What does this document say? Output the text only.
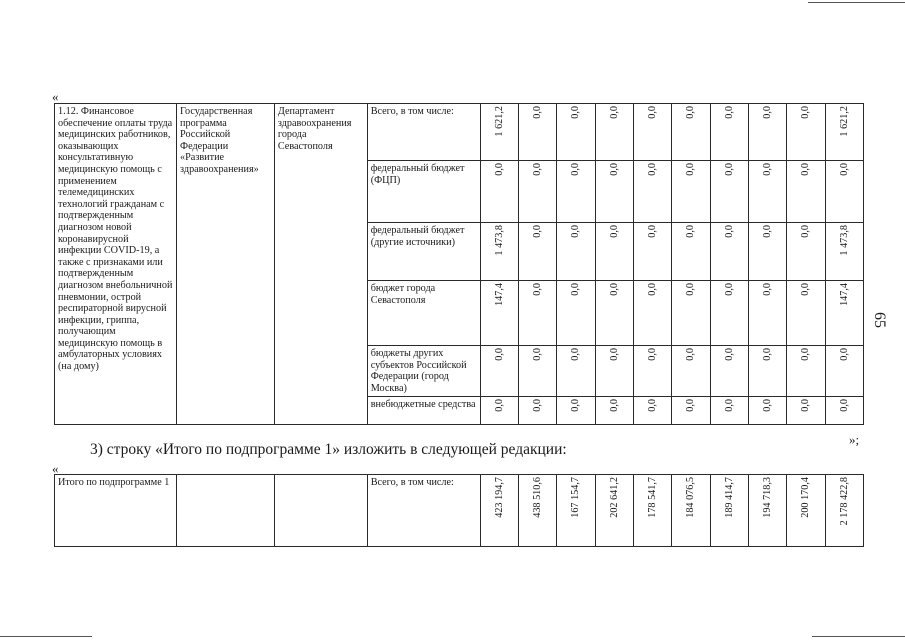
«
1.12. Финансовое обеспечение оплаты труда медицинских работников, оказывающих консультативную медицинскую помощь с применением телемедицинских технологий гражданам с подтвержденным диагнозом новой коронавирусной инфекции COVID-19, а также с признаками или подтвержденным диагнозом внебольничной пневмонии, острой респираторной вирусной инфекции, гриппа, получающим медицинскую помощь в амбулаторных условиях (на дому)	Государственная программа Российской Федерации «Развитие здравоохранения»	Департамент здравоохранения города Севастополя	Всего, в том числе:	1 621,2	0,0	0,0	0,0	0,0	0,0	0,0	0,0	0,0	1 621,2
			федеральный бюджет (ФЦП)	0,0	0,0	0,0	0,0	0,0	0,0	0,0	0,0	0,0	0,0
			федеральный бюджет (другие источники)	1 473,8	0,0	0,0	0,0	0,0	0,0	0,0	0,0	0,0	1 473,8
			бюджет города Севастополя	147,4	0,0	0,0	0,0	0,0	0,0	0,0	0,0	0,0	147,4
			бюджеты других субъектов Российской Федерации (город Москва)	0,0	0,0	0,0	0,0	0,0	0,0	0,0	0,0	0,0	0,0
			внебюджетные средства	0,0	0,0	0,0	0,0	0,0	0,0	0,0	0,0	0,0	0,0
»;
3) строку «Итого по подпрограмме 1» изложить в следующей редакции:
«
Итого по подпрограмме 1			Всего, в том числе:	423 194,7	438 510,6	167 154,7	202 641,2	178 541,7	184 076,5	189 414,7	194 718,3	200 170,4	2 178 422,8
65
